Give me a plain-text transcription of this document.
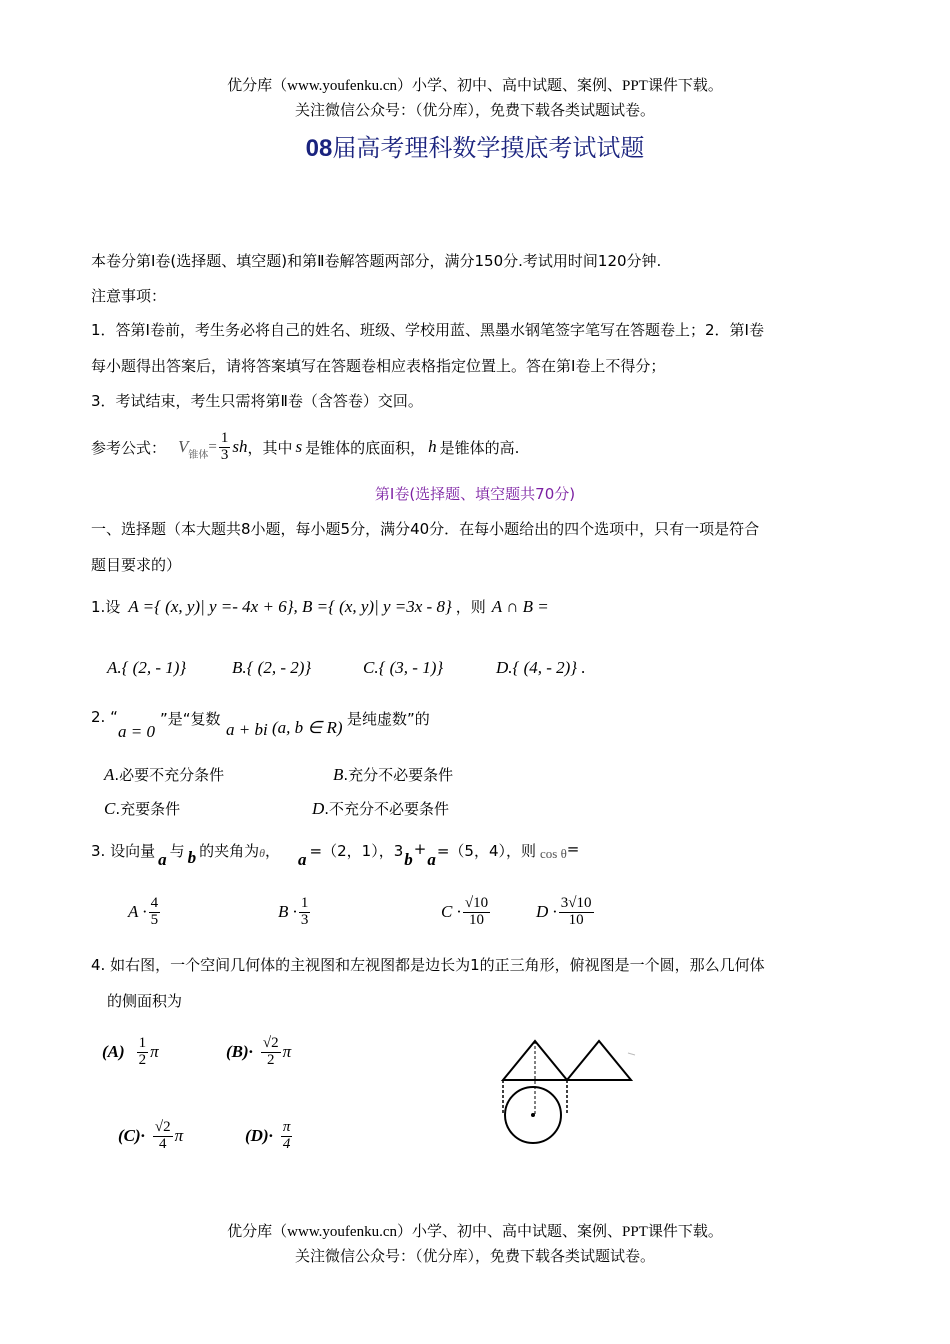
优分库（www.youfenku.cn）小学、初中、高中试题、案例、PPT课件下载。
关注微信公众号：（优分库），免费下载各类试题试卷。
08届高考理科数学摸底考试试题
本卷分第Ⅰ卷(选择题、填空题)和第Ⅱ卷解答题两部分，满分150分.考试用时间120分钟.
注意事项：
1．答第Ⅰ卷前，考生务必将自己的姓名、班级、学校用蓝、黑墨水钢笔签字笔写在答题卷上；2．第Ⅰ卷
每小题得出答案后，请将答案填写在答题卷相应表格指定位置上。答在第Ⅰ卷上不得分；
3．考试结束，考生只需将第Ⅱ卷（含答卷）交回。
参考公式： V 锥体
= $\frac{1}{3}$ sh ，其中 s 是锥体的底面积， h 是锥体的高.
第Ⅰ卷(选择题、填空题共70分)
一、选择题（本大题共8小题，每小题5分，满分40分．在每小题给出的四个选项中，只有一项是符合
题目要求的）
1.设 A ={ (x, y)| y =- 4x + 6} , B ={ (x, y)| y =3x - 8} ，则 A ∩ B =
A.{ (2, - 1)}	B.{ (2, - 2)}	C.{ (3, - 1)}	D.{ (4, - 2)} .
2. “
a = 0
”是“复数
a + bi (a, b ∈ R) 是纯虚数”的
A.必要不充分条件	B.充分不必要条件
C.充要条件	D.不充分不必要条件
3. 设向量 a 与 b 的夹角为 θ ， a =（2，1），3 b
+
a =（5，4），则 cos θ =
$A \cdot \frac{4}{5}$	$B \cdot \frac{1}{3}$	$C \cdot \frac{√10}{10}$	$D \cdot \frac{3√10}{10}$
4. 如右图，一个空间几何体的主视图和左视图都是边长为1的正三角形，俯视图是一个圆，那么几何体
的侧面积为
$(A) \frac{1}{2}$ π	$(B)\cdot \frac{√2}{2}$ π
$(C)\cdot \frac{√2}{4}$ π	$(D)\cdot \frac{\pi}{4}$
优分库（www.youfenku.cn）小学、初中、高中试题、案例、PPT课件下载。
关注微信公众号：（优分库），免费下载各类试题试卷。
